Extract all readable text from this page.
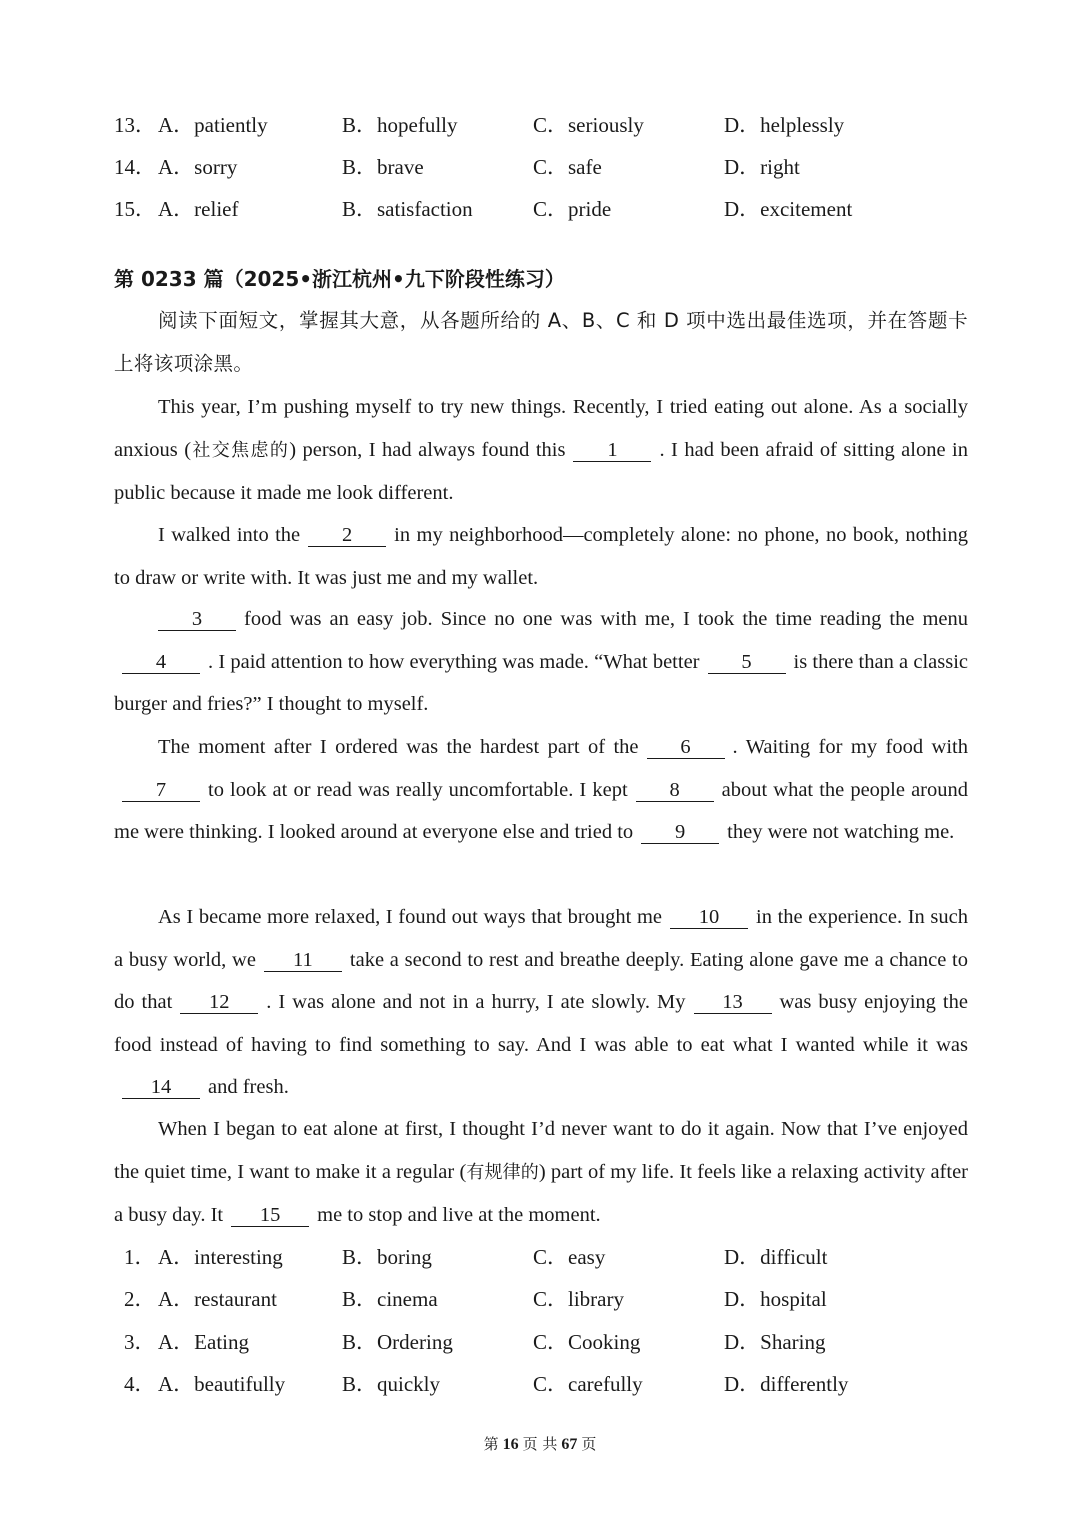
13． A．patiently	B．hopefully	C．seriously	D．helplessly
14． A．sorry	B．brave	C．safe	D．right
15． A．relief	B．satisfaction	C．pride	D．excitement
第 0233 篇（2025•浙江杭州•九下阶段性练习）

阅读下面短文，掌握其大意，从各题所给的 A、B、C 和 D 项中选出最佳选项，并在答题卡上将该项涂黑。

This year, I’m pushing myself to try new things. Recently, I tried eating out alone. As a socially anxious (社交焦虑的) person, I had always found this 1 . I had been afraid of sitting alone in public because it made me look different.

I walked into the 2 in my neighborhood—completely alone: no phone, no book, nothing to draw or write with. It was just me and my wallet.

3 food was an easy job. Since no one was with me, I took the time reading the menu4 . I paid attention to how everything was made. “What better 5 is there than a classic burger and fries?” I thought to myself.

The moment after I ordered was the hardest part of the 6 . Waiting for my food with7 to look at or read was really uncomfortable. I kept 8 about what the people around me were thinking. I looked around at everyone else and tried to 9 they were not watching me.

As I became more relaxed, I found out ways that brought me 10 in the experience. In such a busy world, we 11 take a second to rest and breathe deeply. Eating alone gave me a chance to do that 12 . I was alone and not in a hurry, I ate slowly. My 13 was busy enjoying the food instead of having to find something to say. And I was able to eat what I wanted while it was14 and fresh.

When I began to eat alone at first, I thought I’d never want to do it again. Now that I’ve enjoyed the quiet time, I want to make it a regular (有规律的) part of my life. It feels like a relaxing activity after a busy day. It 15 me to stop and live at the moment.

1． A．interesting	B．boring	C．easy	D．difficult
2． A．restaurant	B．cinema	C．library	D．hospital
3． A．Eating	B．Ordering	C．Cooking	D．Sharing
4． A．beautifully	B．quickly	C．carefully	D．differently
第 16 页 共 67 页
